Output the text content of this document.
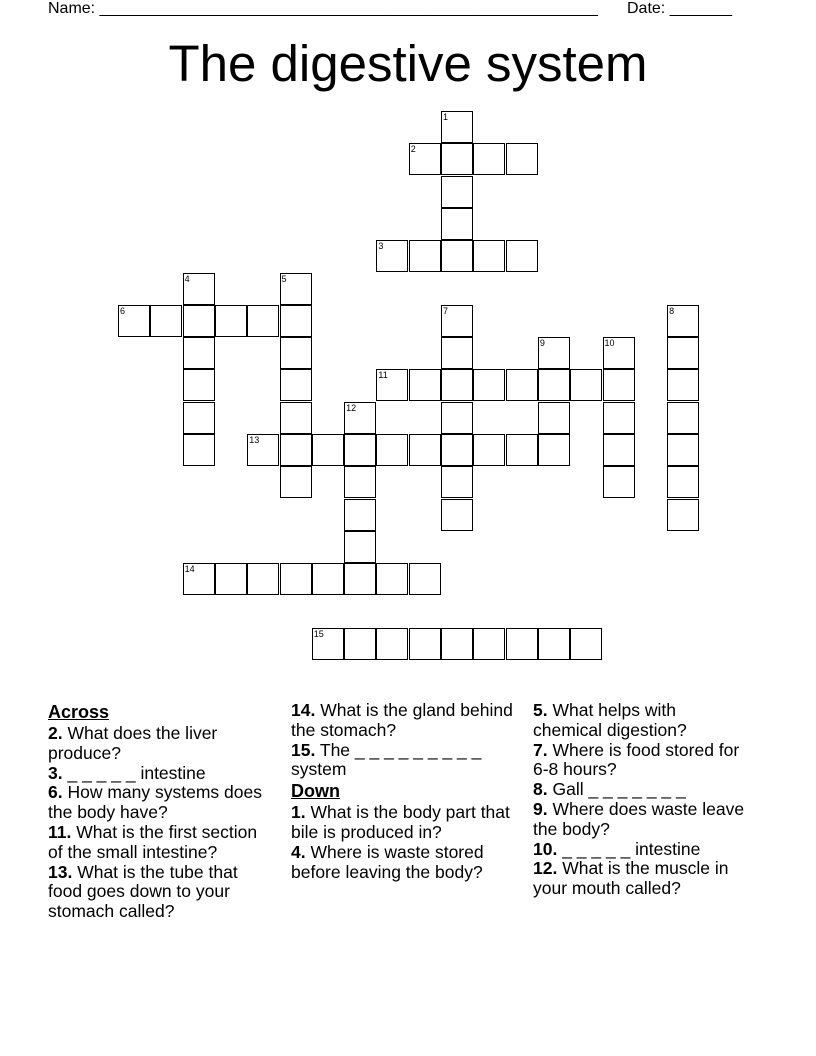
Name: ________________________________________________________ Date: _______
The digestive system
1
2
3
4	5
6	7	8
9	10
11
12
13
14
15

Across

2. What does the liver produce?

3. _ _ _ _ _ intestine

6. How many systems does the body have?

11. What is the first section of the small intestine?

13. What is the tube that food goes down to your stomach called?

14. What is the gland behind the stomach?

15. The _ _ _ _ _ _ _ _ _ system

Down

1. What is the body part that bile is produced in?

4. Where is waste stored before leaving the body?

5. What helps with chemical digestion?

7. Where is food stored for 6-8 hours?

8. Gall _ _ _ _ _ _ _

9. Where does waste leave the body?

10. _ _ _ _ _ intestine

12. What is the muscle in your mouth called?
